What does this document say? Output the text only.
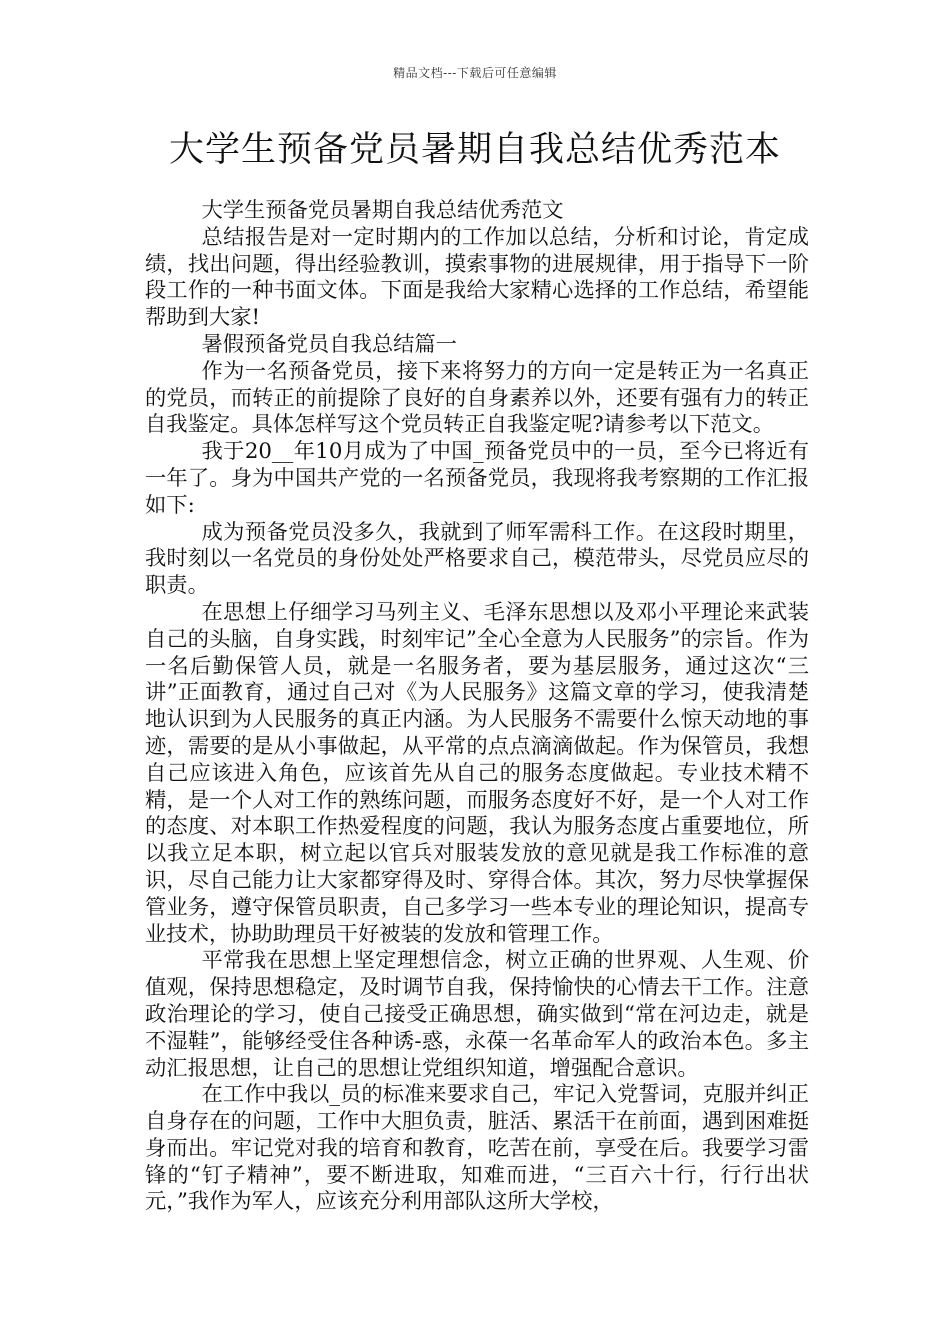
精品文档---下载后可任意编辑
大学生预备党员暑期自我总结优秀范本

大学生预备党员暑期自我总结优秀范文

总结报告是对一定时期内的工作加以总结，分析和讨论，肯定成绩，找出问题，得出经验教训，摸索事物的进展规律，用于指导下一阶段工作的一种书面文体。下面是我给大家精心选择的工作总结，希望能帮助到大家!

暑假预备党员自我总结篇一

作为一名预备党员，接下来将努力的方向一定是转正为一名真正的党员，而转正的前提除了良好的自身素养以外，还要有强有力的转正自我鉴定。具体怎样写这个党员转正自我鉴定呢?请参考以下范文。

我于20__年10月成为了中国_预备党员中的一员，至今已将近有一年了。身为中国共产党的一名预备党员，我现将我考察期的工作汇报如下:

成为预备党员没多久，我就到了师军需科工作。在这段时期里，我时刻以一名党员的身份处处严格要求自己，模范带头，尽党员应尽的职责。

在思想上仔细学习马列主义、毛泽东思想以及邓小平理论来武装自己的头脑，自身实践，时刻牢记”全心全意为人民服务”的宗旨。作为一名后勤保管人员，就是一名服务者，要为基层服务，通过这次“三讲”正面教育，通过自己对《为人民服务》这篇文章的学习，使我清楚地认识到为人民服务的真正内涵。为人民服务不需要什么惊天动地的事迹，需要的是从小事做起，从平常的点点滴滴做起。作为保管员，我想自己应该进入角色，应该首先从自己的服务态度做起。专业技术精不精，是一个人对工作的熟练问题，而服务态度好不好，是一个人对工作的态度、对本职工作热爱程度的问题，我认为服务态度占重要地位，所以我立足本职，树立起以官兵对服装发放的意见就是我工作标准的意识，尽自己能力让大家都穿得及时、穿得合体。其次，努力尽快掌握保管业务，遵守保管员职责，自己多学习一些本专业的理论知识，提高专业技术，协助助理员干好被装的发放和管理工作。

平常我在思想上坚定理想信念，树立正确的世界观、人生观、价值观，保持思想稳定，及时调节自我，保持愉快的心情去干工作。注意政治理论的学习，使自己接受正确思想，确实做到“常在河边走，就是不湿鞋”，能够经受住各种诱-惑，永葆一名革命军人的政治本色。多主动汇报思想，让自己的思想让党组织知道，增强配合意识。

在工作中我以_员的标准来要求自己，牢记入党誓词，克服并纠正自身存在的问题，工作中大胆负责，脏活、累活干在前面，遇到困难挺身而出。牢记党对我的培育和教育，吃苦在前，享受在后。我要学习雷锋的“钉子精神”，要不断进取，知难而进，“三百六十行，行行出状元，”我作为军人，应该充分利用部队这所大学校，
